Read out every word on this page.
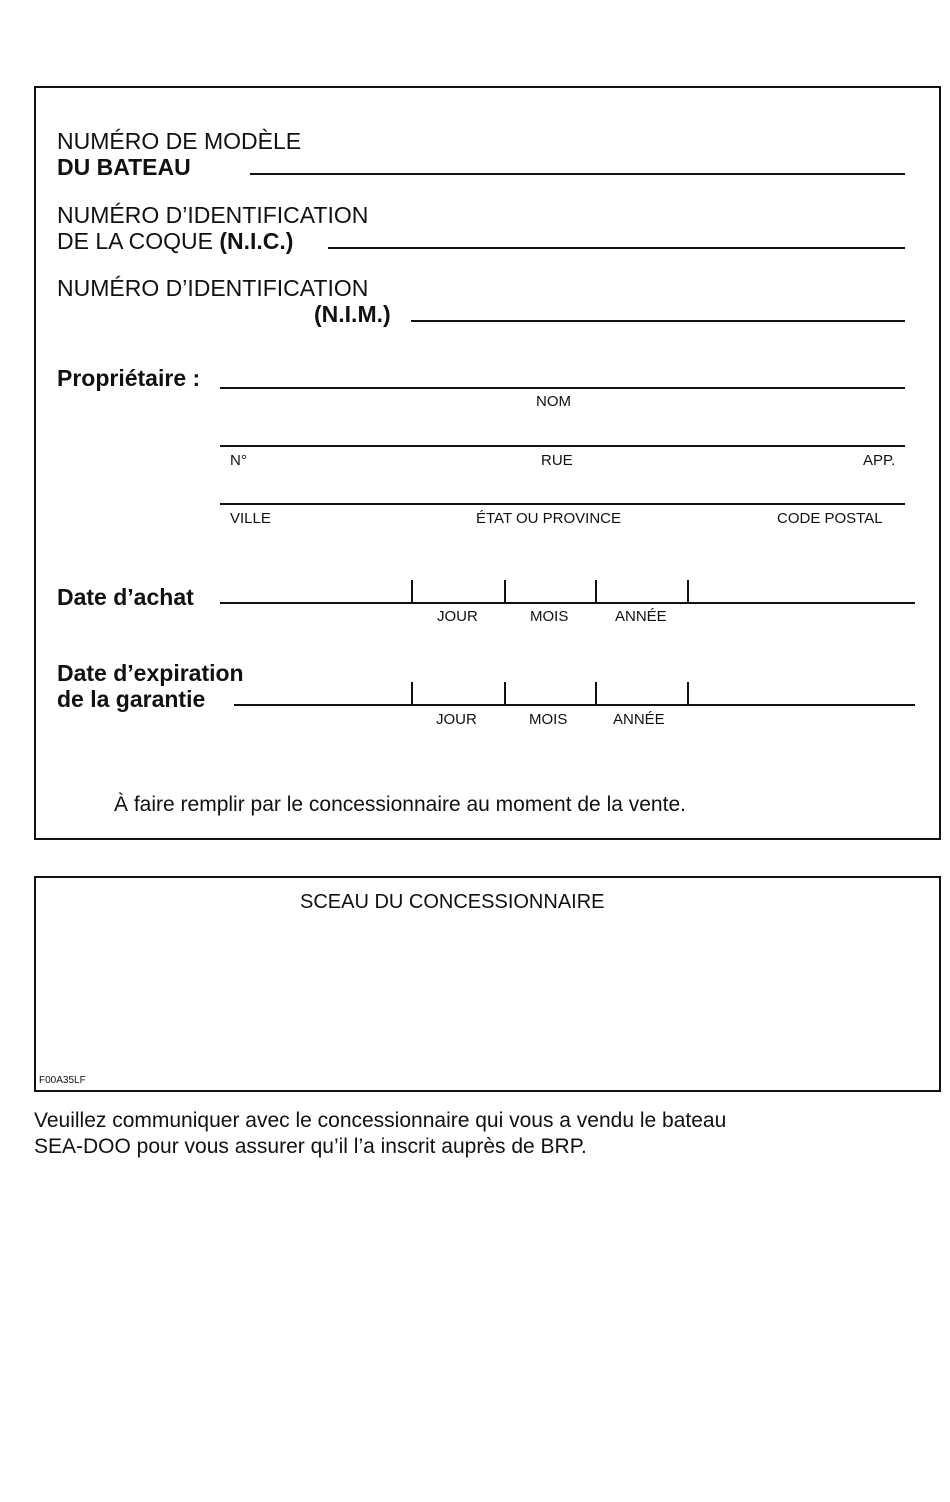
NUMÉRO DE MODÈLE
DU BATEAU
NUMÉRO D’IDENTIFICATION
DE LA COQUE (N.I.C.)
NUMÉRO D’IDENTIFICATION
(N.I.M.)
Propriétaire :
NOM
N°	RUE	APP.
VILLE	ÉTAT OU PROVINCE	CODE POSTAL
Date d’achat
JOUR	MOIS	ANNÉE
Date d’expiration
de la garantie
JOUR	MOIS	ANNÉE
À faire remplir par le concessionnaire au moment de la vente.
SCEAU DU CONCESSIONNAIRE
F00A35LF
Veuillez communiquer avec le concessionnaire qui vous a vendu le bateau
SEA-DOO pour vous assurer qu’il l’a inscrit auprès de BRP.
